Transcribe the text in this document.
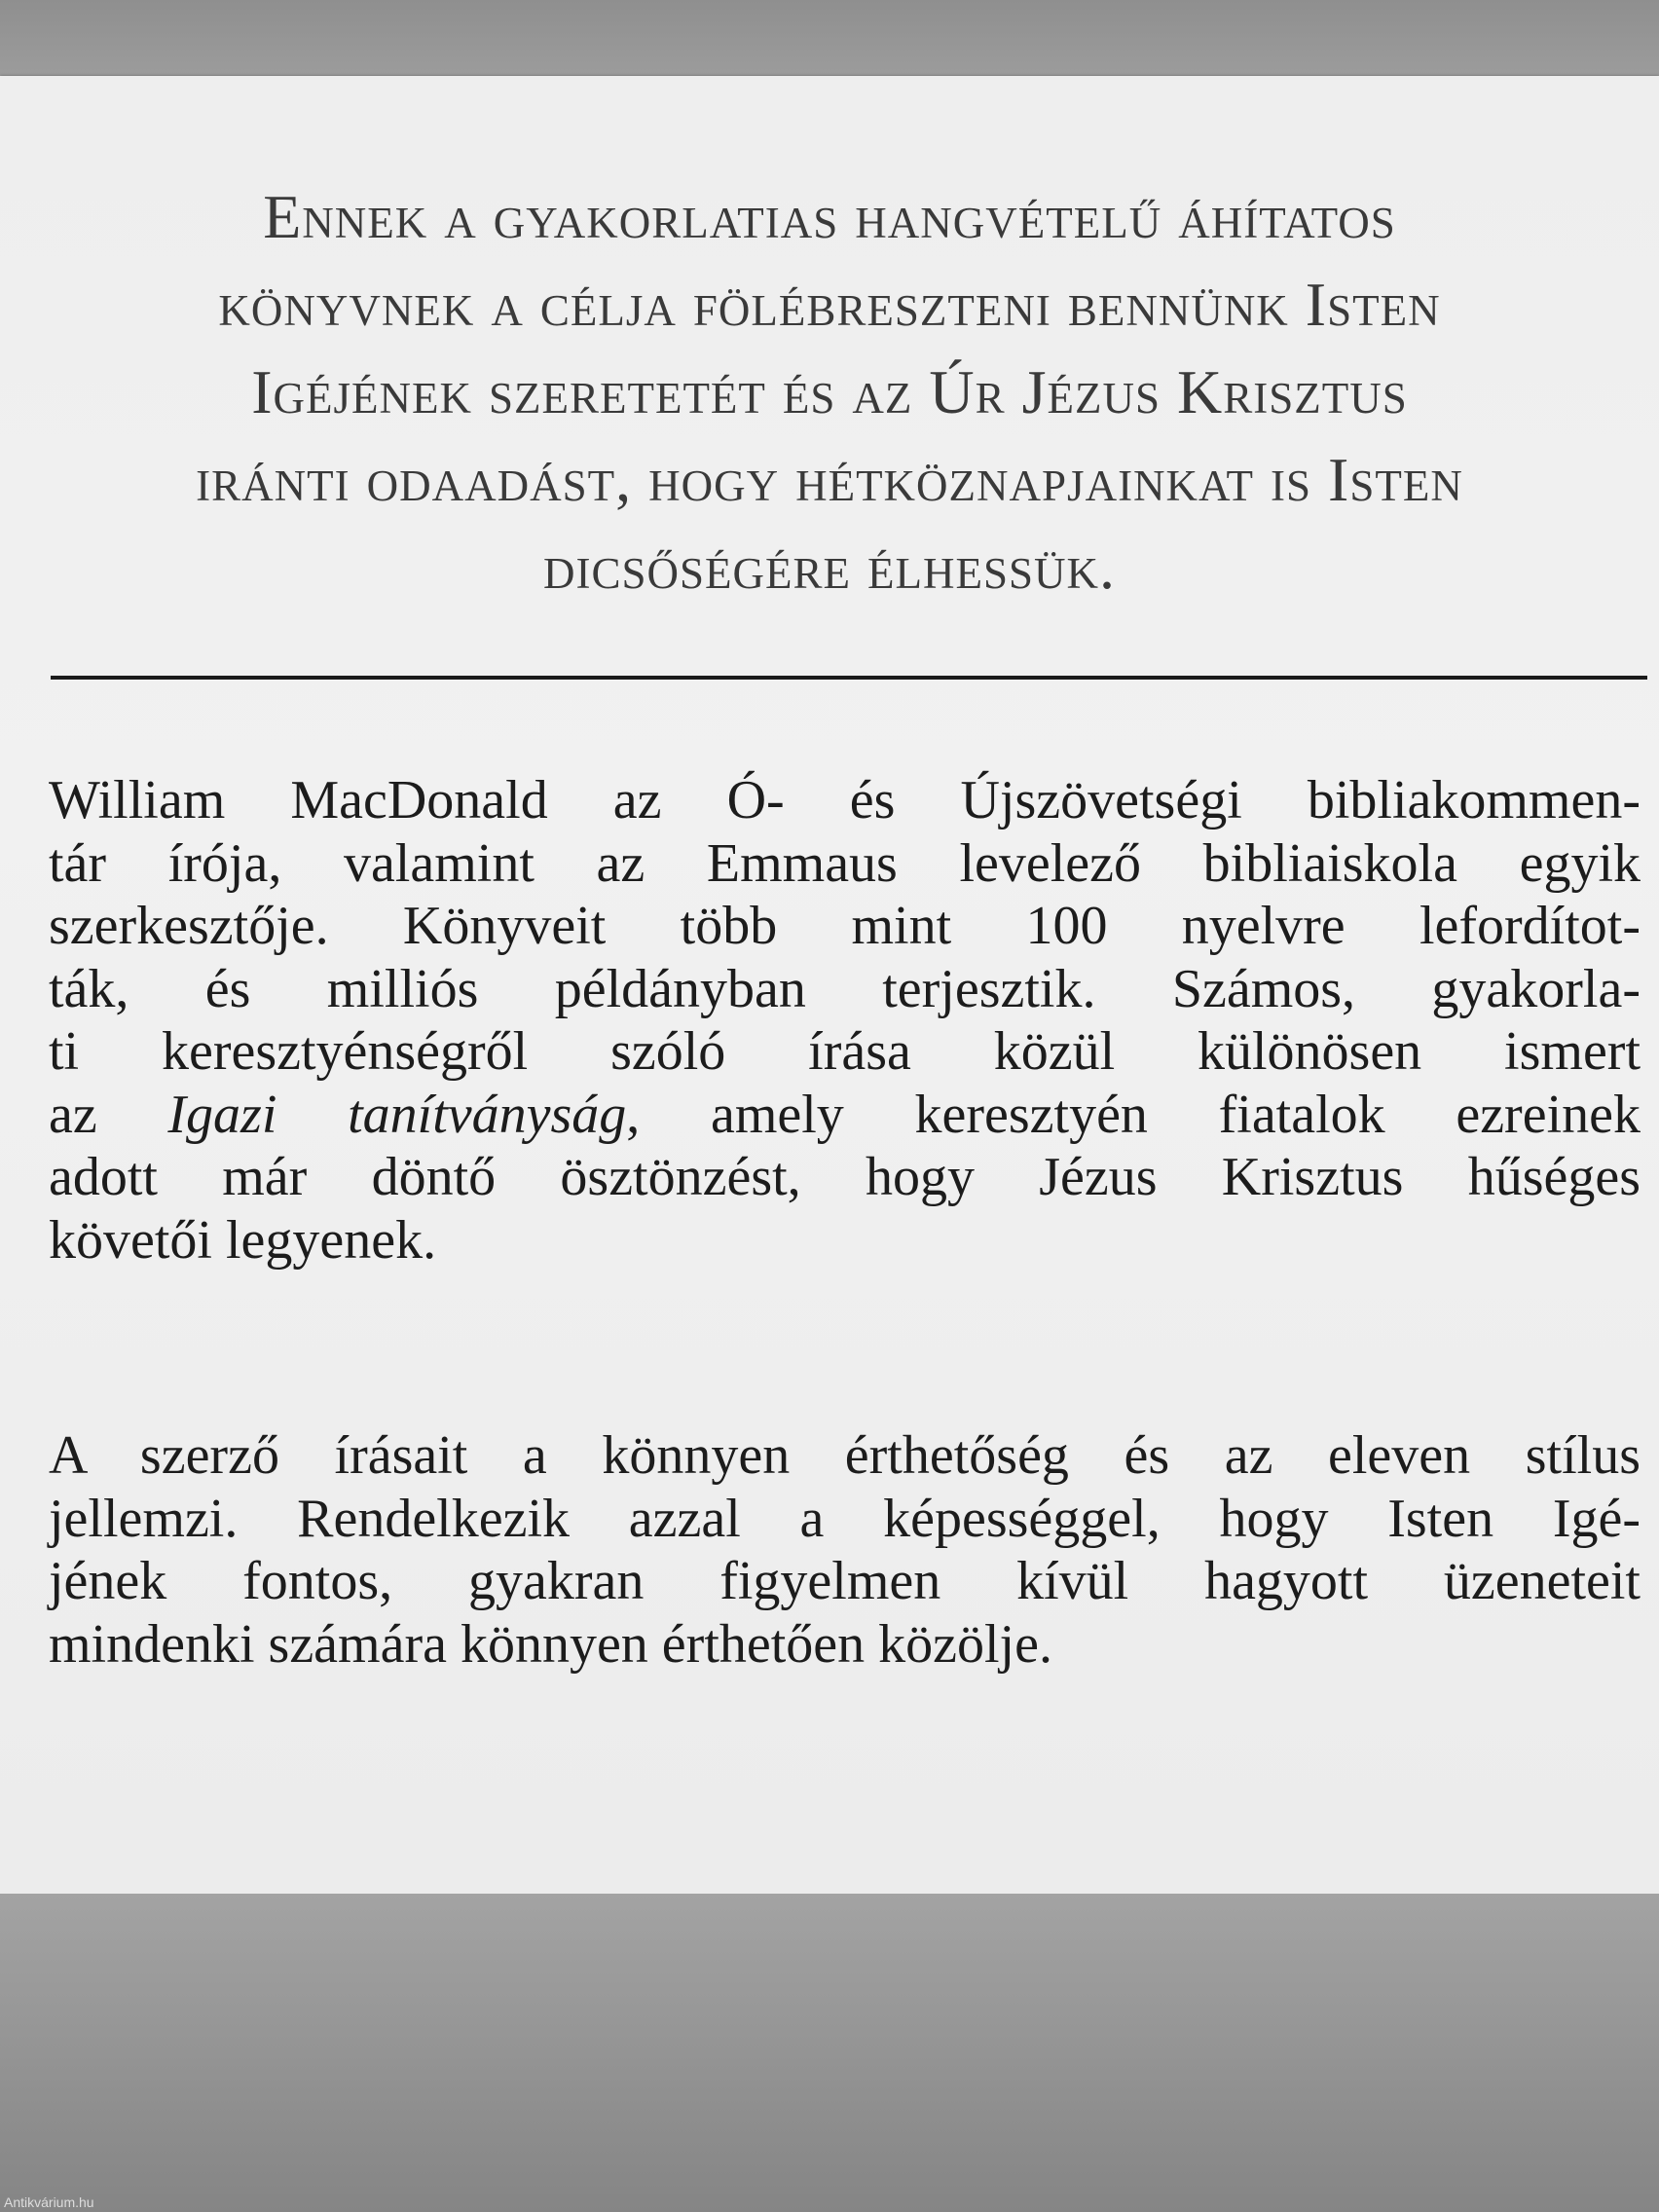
Ennek a gyakorlatias hangvételű áhítatos
könyvnek a célja fölébreszteni bennünk Isten
Igéjének szeretetét és az Úr Jézus Krisztus
iránti odaadást, hogy hétköznapjainkat is Isten
dicsőségére élhessük.

William MacDonald az Ó- és Újszövetségi bibliakommen-
tár írója, valamint az Emmaus levelező bibliaiskola egyik
szerkesztője. Könyveit több mint 100 nyelvre lefordítot-
ták, és milliós példányban terjesztik. Számos, gyakorla-
ti keresztyénségről szóló írása közül különösen ismert
az Igazi tanítványság, amely keresztyén fiatalok ezreinek
adott már döntő ösztönzést, hogy Jézus Krisztus hűséges
követői legyenek.

A szerző írásait a könnyen érthetőség és az eleven stílus
jellemzi. Rendelkezik azzal a képességgel, hogy Isten Igé-
jének fontos, gyakran figyelmen kívül hagyott üzeneteit
mindenki számára könnyen érthetően közölje.

Antikvárium.hu
